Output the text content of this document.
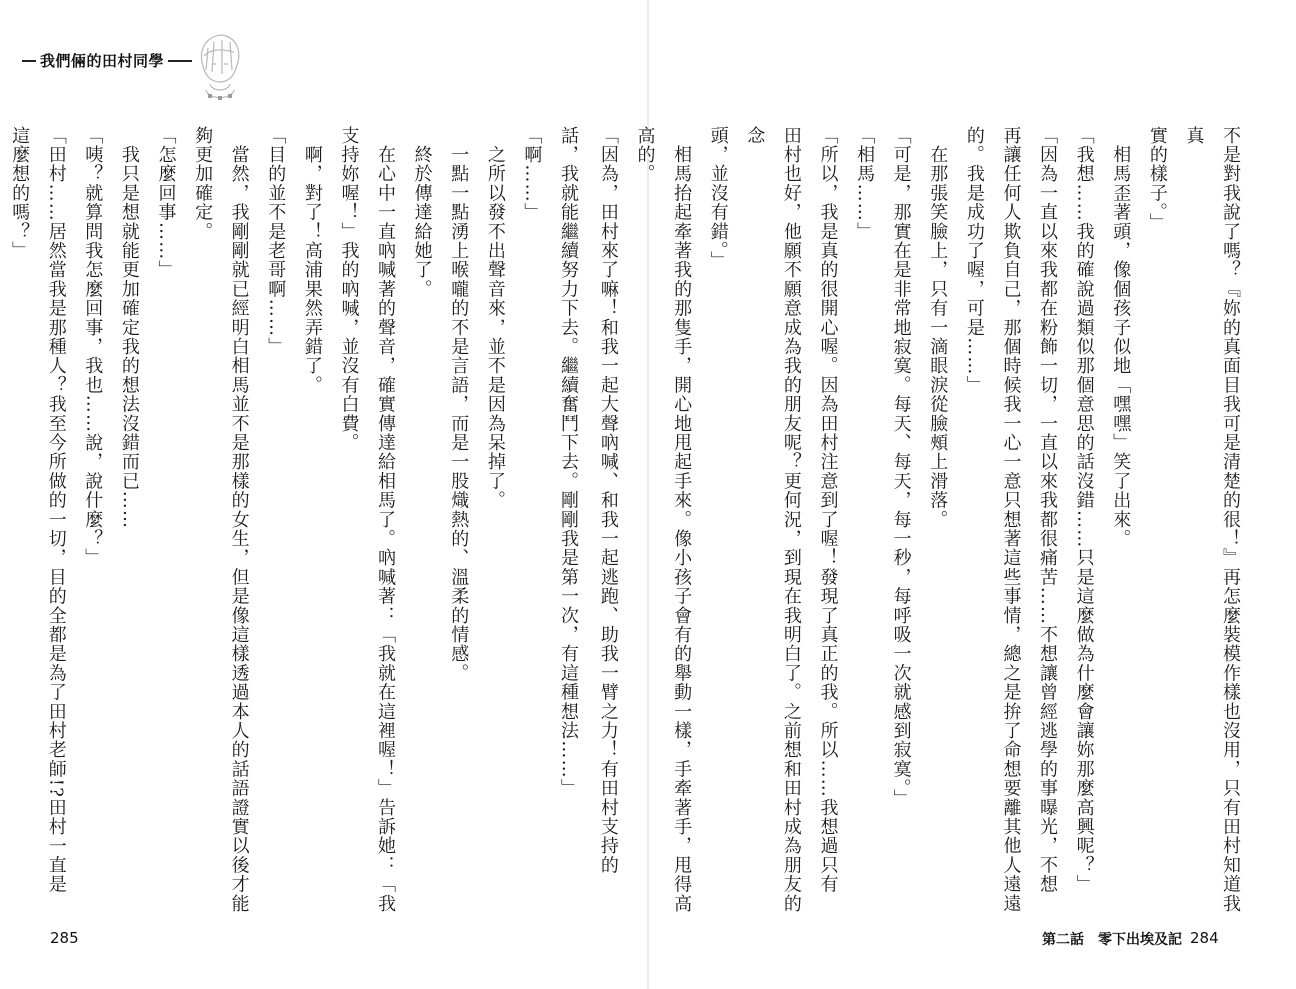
我們倆的田村同學

不是對我說了嗎？『妳的真面目我可是清楚的很！』再怎麼裝模作樣也沒用，只有田村知道我真

實的樣子。」

　相馬歪著頭，像個孩子似地「嘿嘿」笑了出來。

「我想……我的確說過類似那個意思的話沒錯……只是這麼做為什麼會讓妳那麼高興呢？」

「因為一直以來我都在粉飾一切，一直以來我都很痛苦……不想讓曾經逃學的事曝光，不想

再讓任何人欺負自己，那個時候我一心一意只想著這些事情，總之是拚了命想要離其他人遠遠

的。我是成功了喔，可是……」

　在那張笑臉上，只有一滴眼淚從臉頰上滑落。

「可是，那實在是非常地寂寞。每天、每天，每一秒，每呼吸一次就感到寂寞。」

「相馬……」

「所以，我是真的很開心喔。因為田村注意到了喔！發現了真正的我。所以……我想過只有

田村也好，他願不願意成為我的朋友呢？更何況，到現在我明白了。之前想和田村成為朋友的念

頭，並沒有錯。」

　相馬抬起牽著我的那隻手，開心地甩起手來。像小孩子會有的舉動一樣，手牽著手，甩得高

高的。

「因為，田村來了嘛！和我一起大聲吶喊、和我一起逃跑、助我一臂之力！有田村支持的

話，我就能繼續努力下去。繼續奮鬥下去。剛剛我是第一次，有這種想法……」

「啊……」

　之所以發不出聲音來，並不是因為呆掉了。

　一點一點湧上喉嚨的不是言語，而是一股熾熱的、溫柔的情感。

　終於傳達給她了。

　在心中一直吶喊著的聲音，確實傳達給相馬了。吶喊著：「我就在這裡喔！」告訴她：「我

支持妳喔！」我的吶喊，並沒有白費。

　啊，對了！高浦果然弄錯了。

「目的並不是老哥啊……」

　當然，我剛剛就已經明白相馬並不是那樣的女生，但是像這樣透過本人的話語證實以後才能

夠更加確定。

「怎麼回事……」

　我只是想就能更加確定我的想法沒錯而已……

「咦？就算問我怎麼回事，我也……說，說什麼？」

「田村……居然當我是那種人？我至今所做的一切，目的全都是為了田村老師!?田村一直是

這麼想的嗎？」

285	第二話　零下出埃及記 284
